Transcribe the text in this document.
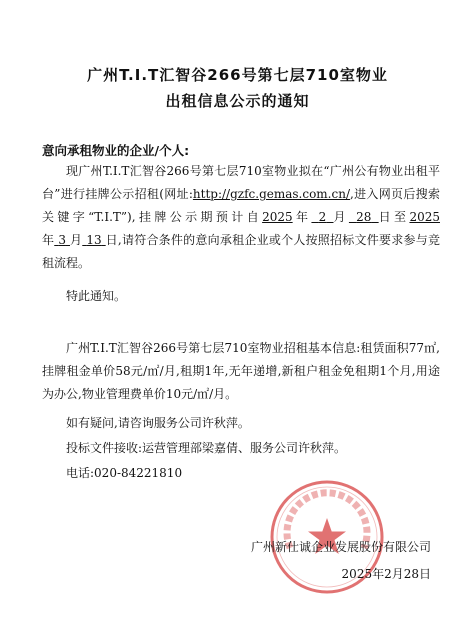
广州T.I.T汇智谷266号第七层710室物业
出租信息公示的通知
意向承租物业的企业/个人:
现广州T.I.T汇智谷266号第七层710室物业拟在“广州公有物业出租平台”进行挂牌公示招租(网址:http://gzfc.gemas.com.cn/,进入网页后搜索关键字“T.I.T”),挂牌公示期预计自2025年 2 月 28 日至2025年 3 月 13 日,请符合条件的意向承租企业或个人按照招标文件要求参与竞租流程。
特此通知。
广州T.I.T汇智谷266号第七层710室物业招租基本信息:租赁面积77㎡,挂牌租金单价58元/㎡/月,租期1年,无年递增,新租户租金免租期1个月,用途为办公,物业管理费单价10元/㎡/月。
如有疑问,请咨询服务公司许秋萍。
投标文件接收:运营管理部梁嘉倩、服务公司许秋萍。
电话:020-84221810
广州新仕诚企业发展股份有限公司
2025年2月28日
